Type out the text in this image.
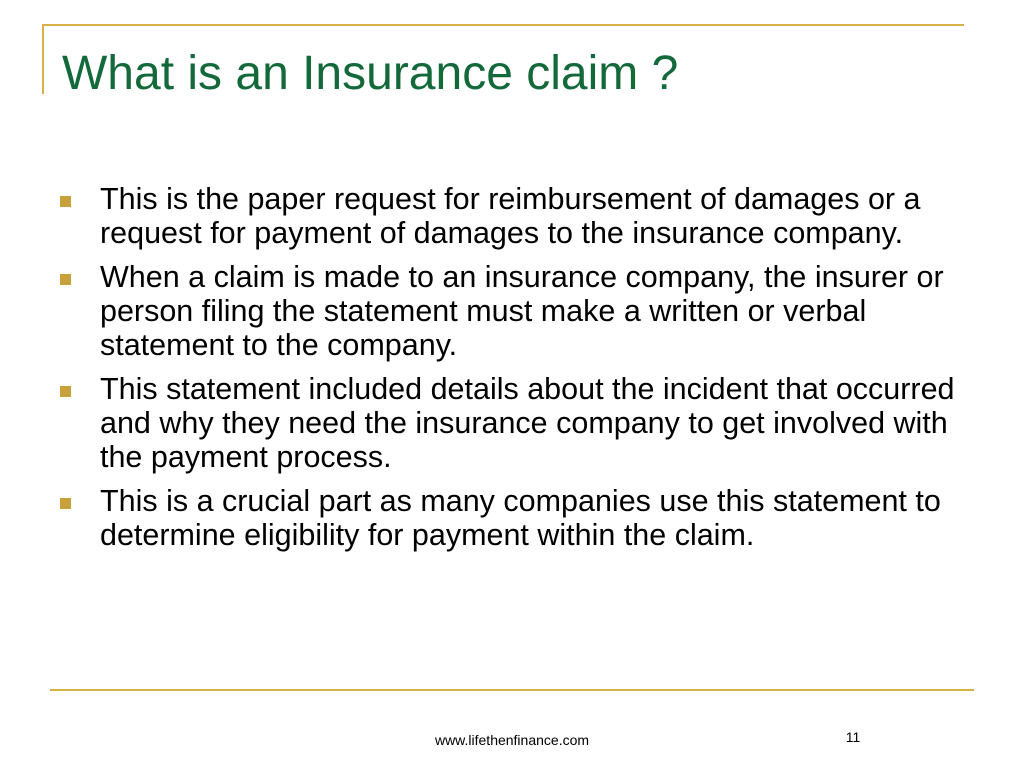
What is an Insurance claim ?
This is the paper request for reimbursement of damages or a request for payment of damages to the insurance company.
When a claim is made to an insurance company, the insurer or person filing the statement must make a written or verbal statement to the company.
This statement included details about the incident that occurred and why they need the insurance company to get involved with the payment process.
This is a crucial part as many companies use this statement to determine eligibility for payment within the claim.
www.lifethenfinance.com	11
